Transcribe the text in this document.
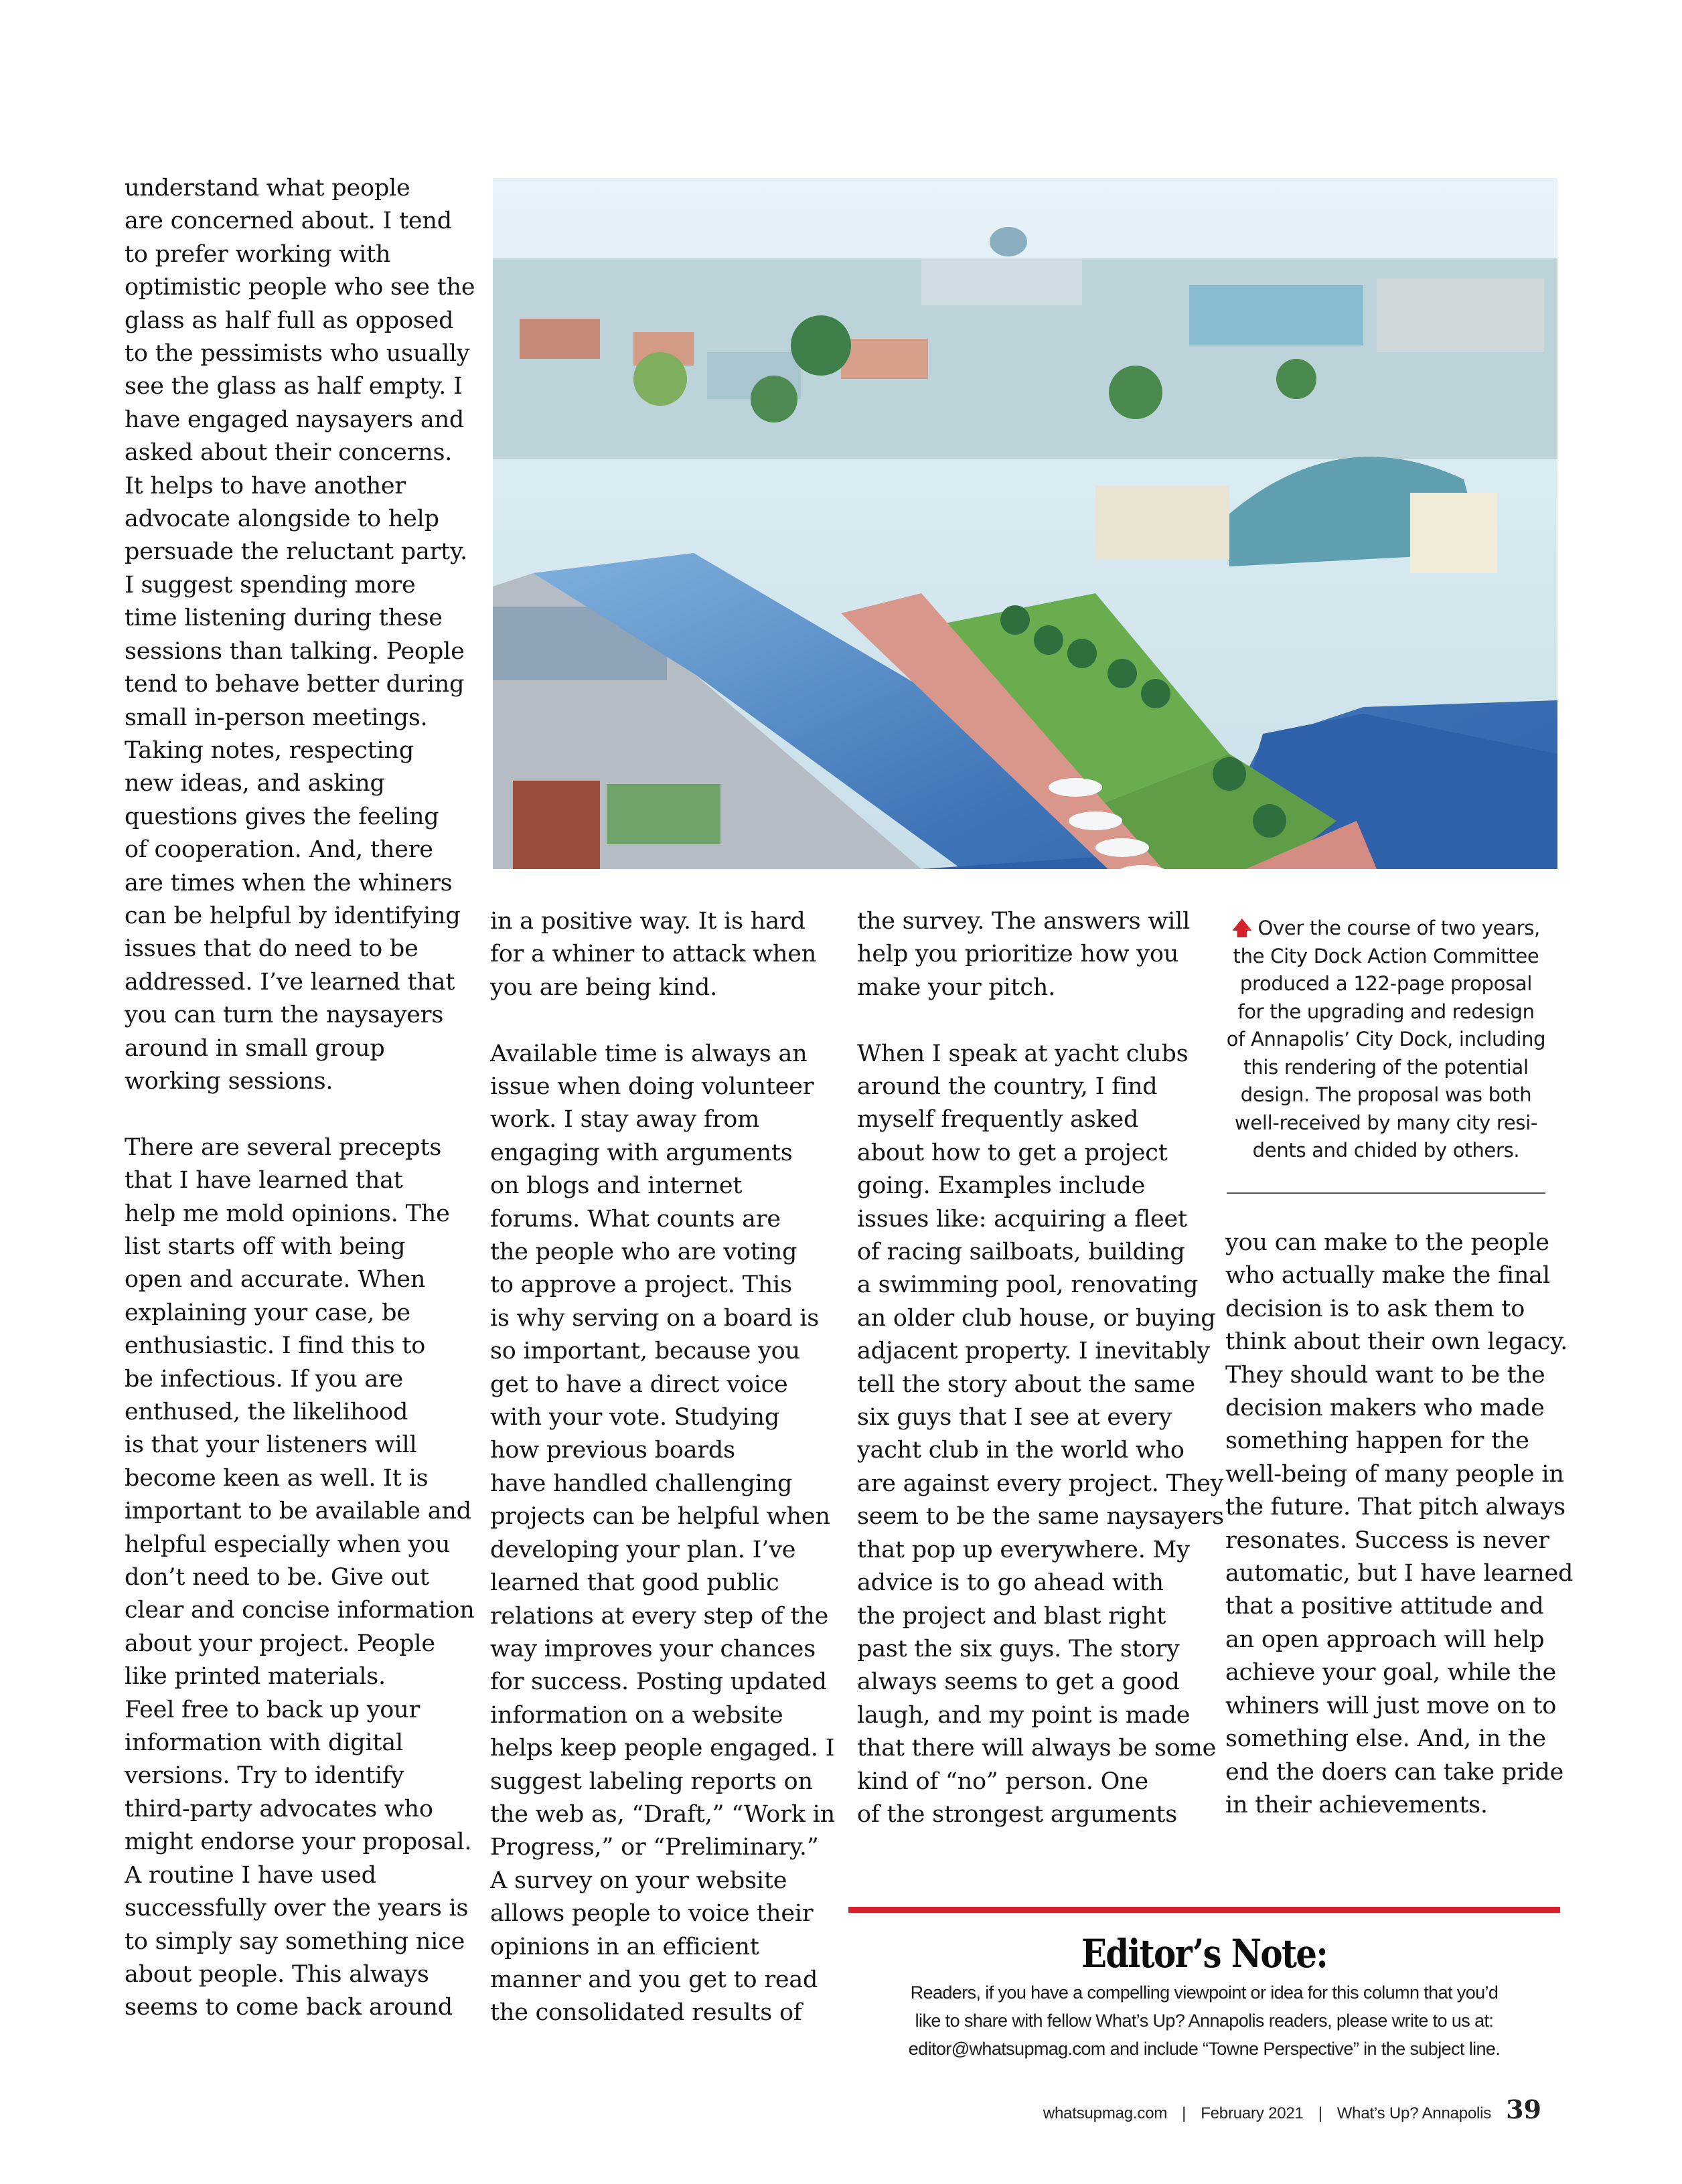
understand what people

are concerned about. I tend

to prefer working with

optimistic people who see the

glass as half full as opposed

to the pessimists who usually

see the glass as half empty. I

have engaged naysayers and

asked about their concerns.

It helps to have another

advocate alongside to help

persuade the reluctant party.

I suggest spending more

time listening during these

sessions than talking. People

tend to behave better during

small in-person meetings.

Taking notes, respecting

new ideas, and asking

questions gives the feeling

of cooperation. And, there

are times when the whiners

can be helpful by identifying

issues that do need to be

addressed. I’ve learned that

you can turn the naysayers

around in small group

working sessions.

There are several precepts

that I have learned that

help me mold opinions. The

list starts off with being

open and accurate. When

explaining your case, be

enthusiastic. I find this to

be infectious. If you are

enthused, the likelihood

is that your listeners will

become keen as well. It is

important to be available and

helpful especially when you

don’t need to be. Give out

clear and concise information

about your project. People

like printed materials.

Feel free to back up your

information with digital

versions. Try to identify

third-party advocates who

might endorse your proposal.

A routine I have used

successfully over the years is

to simply say something nice

about people. This always

seems to come back around

in a positive way. It is hard

for a whiner to attack when

you are being kind.

Available time is always an

issue when doing volunteer

work. I stay away from

engaging with arguments

on blogs and internet

forums. What counts are

the people who are voting

to approve a project. This

is why serving on a board is

so important, because you

get to have a direct voice

with your vote. Studying

how previous boards

have handled challenging

projects can be helpful when

developing your plan. I’ve

learned that good public

relations at every step of the

way improves your chances

for success. Posting updated

information on a website

helps keep people engaged. I

suggest labeling reports on

the web as, “Draft,” “Work in

Progress,” or “Preliminary.”

A survey on your website

allows people to voice their

opinions in an efficient

manner and you get to read

the consolidated results of

the survey. The answers will

help you prioritize how you

make your pitch.

When I speak at yacht clubs

around the country, I find

myself frequently asked

about how to get a project

going. Examples include

issues like: acquiring a fleet

of racing sailboats, building

a swimming pool, renovating

an older club house, or buying

adjacent property. I inevitably

tell the story about the same

six guys that I see at every

yacht club in the world who

are against every project. They

seem to be the same naysayers

that pop up everywhere. My

advice is to go ahead with

the project and blast right

past the six guys. The story

always seems to get a good

laugh, and my point is made

that there will always be some

kind of “no” person. One

of the strongest arguments

🡅 Over the course of two years,

the City Dock Action Committee

produced a 122-page proposal

for the upgrading and redesign

of Annapolis’ City Dock, including

this rendering of the potential

design. The proposal was both

well-received by many city resi-

dents and chided by others.

you can make to the people

who actually make the final

decision is to ask them to

think about their own legacy.

They should want to be the

decision makers who made

something happen for the

well-being of many people in

the future. That pitch always

resonates. Success is never

automatic, but I have learned

that a positive attitude and

an open approach will help

achieve your goal, while the

whiners will just move on to

something else. And, in the

end the doers can take pride

in their achievements.

Editor’s Note:

Readers, if you have a compelling viewpoint or idea for this column that you’d

like to share with fellow What’s Up? Annapolis readers, please write to us at:

editor@whatsupmag.com and include “Towne Perspective” in the subject line.

whatsupmag.com | February 2021 | What’s Up? Annapolis 39
